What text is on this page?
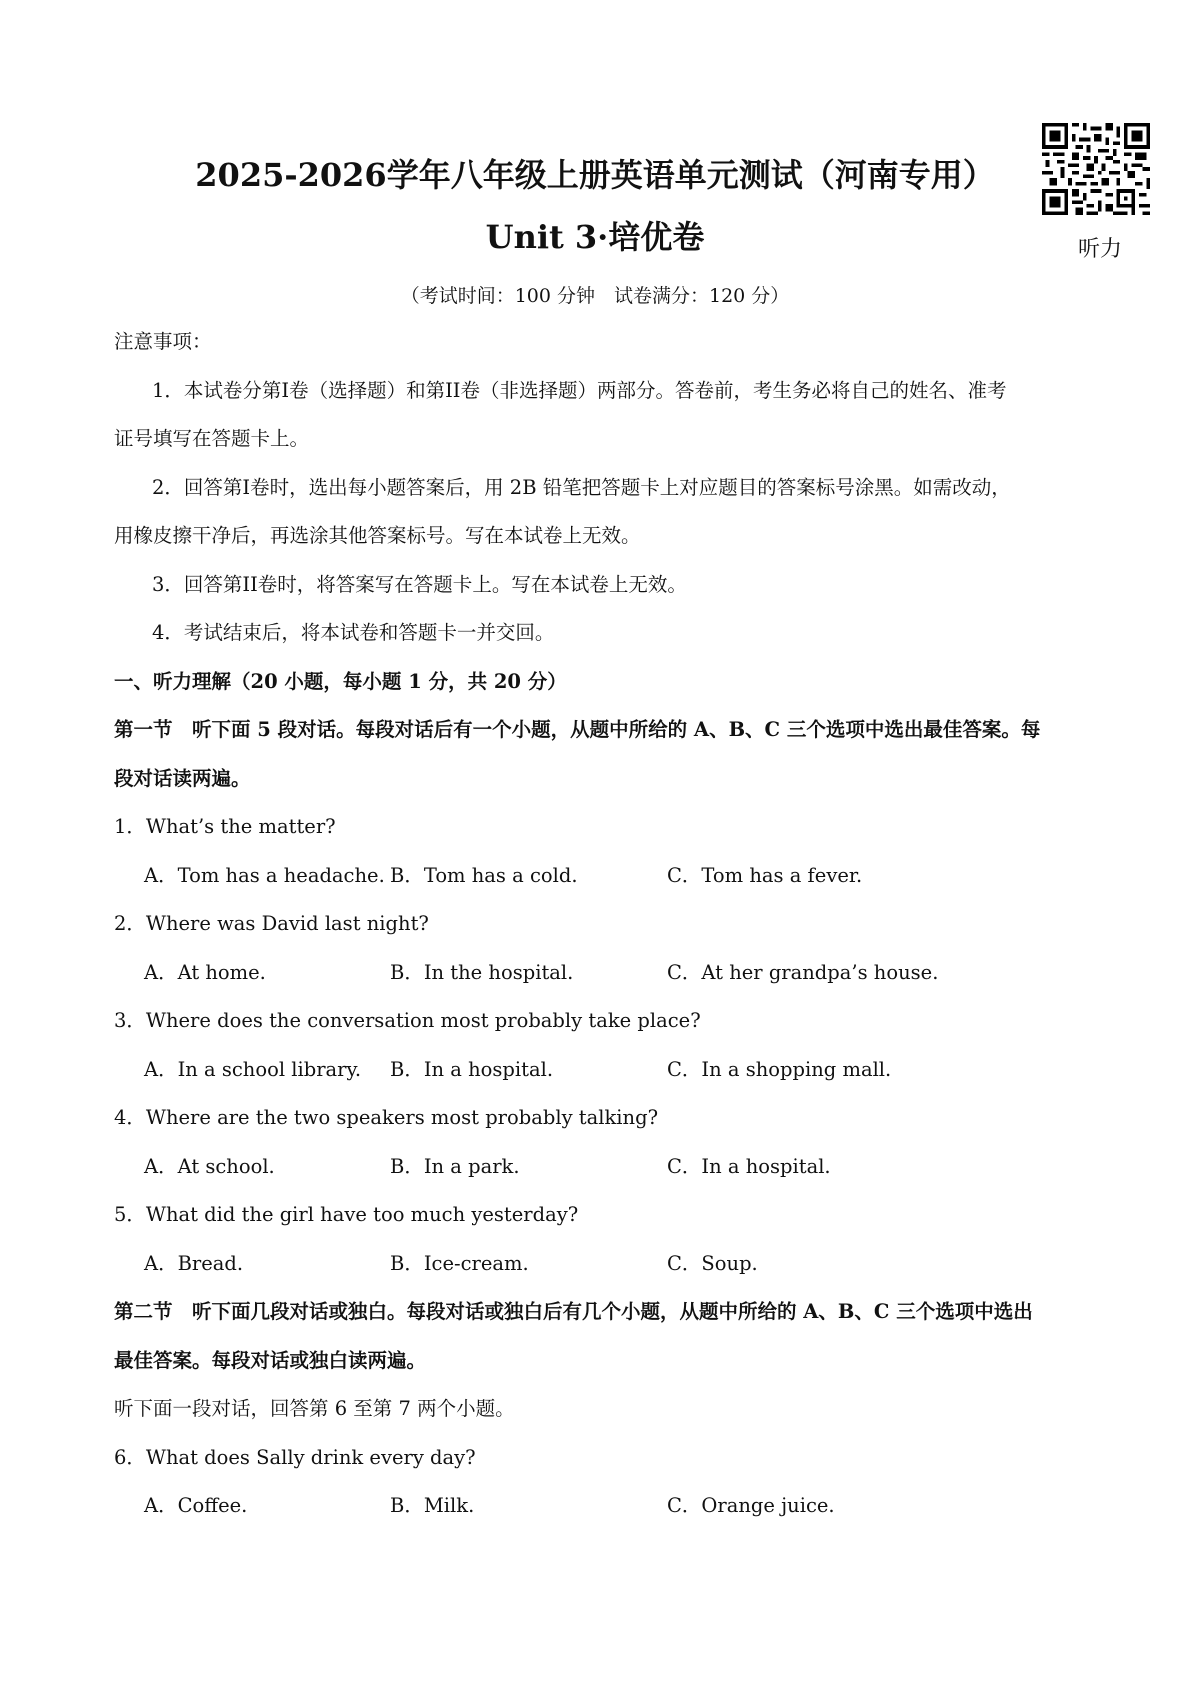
2025-2026学年八年级上册英语单元测试（河南专用）
Unit 3·培优卷
（考试时间：100 分钟　试卷满分：120 分）
听力
注意事项：
1．本试卷分第I卷（选择题）和第II卷（非选择题）两部分。答卷前，考生务必将自己的姓名、准考
证号填写在答题卡上。
2．回答第I卷时，选出每小题答案后，用 2B 铅笔把答题卡上对应题目的答案标号涂黑。如需改动，
用橡皮擦干净后，再选涂其他答案标号。写在本试卷上无效。
3．回答第II卷时，将答案写在答题卡上。写在本试卷上无效。
4．考试结束后，将本试卷和答题卡一并交回。
一、听力理解（20 小题，每小题 1 分，共 20 分）
第一节　听下面 5 段对话。每段对话后有一个小题，从题中所给的 A、B、C 三个选项中选出最佳答案。每
段对话读两遍。
1．What’s the matter?
A．Tom has a headache. B．Tom has a cold.	C．Tom has a fever.
2．Where was David last night?
A．At home.	B．In the hospital.	C．At her grandpa’s house.
3．Where does the conversation most probably take place?
A．In a school library.	B．In a hospital.	C．In a shopping mall.
4．Where are the two speakers most probably talking?
A．At school.	B．In a park.	C．In a hospital.
5．What did the girl have too much yesterday?
A．Bread.	B．Ice-cream.	C．Soup.
第二节　听下面几段对话或独白。每段对话或独白后有几个小题，从题中所给的 A、B、C 三个选项中选出
最佳答案。每段对话或独白读两遍。
听下面一段对话，回答第 6 至第 7 两个小题。
6．What does Sally drink every day?
A．Coffee.	B．Milk.	C．Orange juice.
